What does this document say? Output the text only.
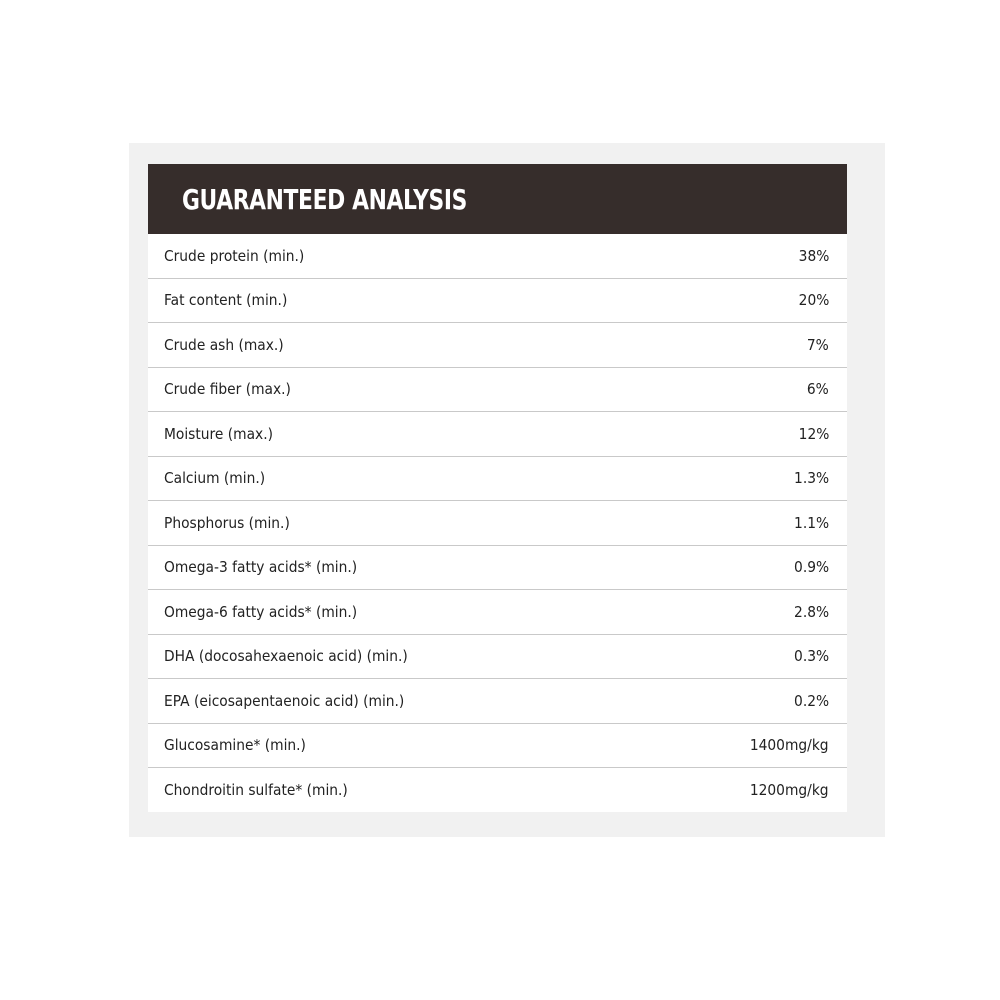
GUARANTEED ANALYSIS
Crude protein (min.)	38%
Fat content (min.)	20%
Crude ash (max.)	7%
Crude fiber (max.)	6%
Moisture (max.)	12%
Calcium (min.)	1.3%
Phosphorus (min.)	1.1%
Omega-3 fatty acids* (min.)	0.9%
Omega-6 fatty acids* (min.)	2.8%
DHA (docosahexaenoic acid) (min.)	0.3%
EPA (eicosapentaenoic acid) (min.)	0.2%
Glucosamine* (min.)	1400mg/kg
Chondroitin sulfate* (min.)	1200mg/kg
